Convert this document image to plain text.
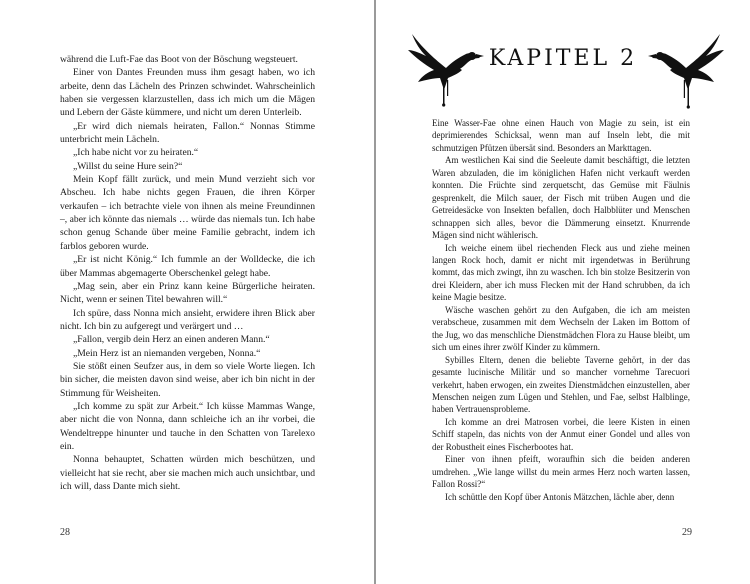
während die Luft-Fae das Boot von der Böschung wegsteuert.

Einer von Dantes Freunden muss ihm gesagt haben, wo ich arbeite, denn das Lächeln des Prinzen schwindet. Wahrscheinlich haben sie vergessen klarzustellen, dass ich mich um die Mägen und Lebern der Gäste kümmere, und nicht um deren Unterleib.

„Er wird dich niemals heiraten, Fallon.“ Nonnas Stimme unterbricht mein Lächeln.

„Ich habe nicht vor zu heiraten.“

„Willst du seine Hure sein?“

Mein Kopf fällt zurück, und mein Mund verzieht sich vor Abscheu. Ich habe nichts gegen Frauen, die ihren Körper verkaufen – ich betrachte viele von ihnen als meine Freundinnen –, aber ich könnte das niemals … würde das niemals tun. Ich habe schon genug Schande über meine Familie gebracht, indem ich farblos geboren wurde.

„Er ist nicht König.“ Ich fummle an der Wolldecke, die ich über Mammas abgemagerte Oberschenkel gelegt habe.

„Mag sein, aber ein Prinz kann keine Bürgerliche heiraten. Nicht, wenn er seinen Titel bewahren will.“

Ich spüre, dass Nonna mich ansieht, erwidere ihren Blick aber nicht. Ich bin zu aufgeregt und verärgert und …

„Fallon, vergib dein Herz an einen anderen Mann.“

„Mein Herz ist an niemanden vergeben, Nonna.“

Sie stößt einen Seufzer aus, in dem so viele Worte liegen. Ich bin sicher, die meisten davon sind weise, aber ich bin nicht in der Stimmung für Weisheiten.

„Ich komme zu spät zur Arbeit.“ Ich küsse Mammas Wange, aber nicht die von Nonna, dann schleiche ich an ihr vorbei, die Wendeltreppe hinunter und tauche in den Schatten von Tarelexo ein.

Nonna behauptet, Schatten würden mich beschützen, und vielleicht hat sie recht, aber sie machen mich auch unsichtbar, und ich will, dass Dante mich sieht.

28
KAPITEL 2

Eine Wasser-Fae ohne einen Hauch von Magie zu sein, ist ein deprimierendes Schicksal, wenn man auf Inseln lebt, die mit schmutzigen Pfützen übersät sind. Besonders an Markttagen.

Am westlichen Kai sind die Seeleute damit beschäftigt, die letzten Waren abzuladen, die im königlichen Hafen nicht verkauft werden konnten. Die Früchte sind zerquetscht, das Gemüse mit Fäulnis gesprenkelt, die Milch sauer, der Fisch mit trüben Augen und die Getreidesäcke von Insekten befallen, doch Halbblüter und Menschen schnappen sich alles, bevor die Dämmerung einsetzt. Knurrende Mägen sind nicht wählerisch.

Ich weiche einem übel riechenden Fleck aus und ziehe meinen langen Rock hoch, damit er nicht mit irgendetwas in Berührung kommt, das mich zwingt, ihn zu waschen. Ich bin stolze Besitzerin von drei Kleidern, aber ich muss Flecken mit der Hand schrubben, da ich keine Magie besitze.

Wäsche waschen gehört zu den Aufgaben, die ich am meisten verabscheue, zusammen mit dem Wechseln der Laken im Bottom of the Jug, wo das menschliche Dienstmädchen Flora zu Hause bleibt, um sich um eines ihrer zwölf Kinder zu kümmern.

Sybilles Eltern, denen die beliebte Taverne gehört, in der das gesamte lucinische Militär und so mancher vornehme Tarecuori verkehrt, haben erwogen, ein zweites Dienstmädchen einzustellen, aber Menschen neigen zum Lügen und Stehlen, und Fae, selbst Halblinge, haben Vertrauensprobleme.

Ich komme an drei Matrosen vorbei, die leere Kisten in einen Schiff stapeln, das nichts von der Anmut einer Gondel und alles von der Robustheit eines Fischerbootes hat.

Einer von ihnen pfeift, woraufhin sich die beiden anderen umdrehen. „Wie lange willst du mein armes Herz noch warten lassen, Fallon Rossi?“

Ich schüttle den Kopf über Antonis Mätzchen, lächle aber, denn

29
